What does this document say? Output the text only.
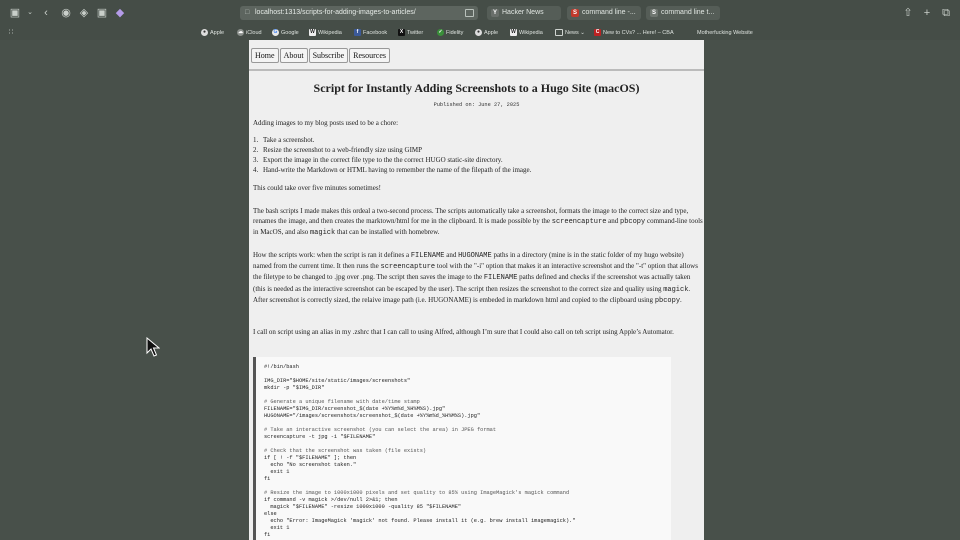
▣ ⌄ ‹ ◉ ◈ ▣ ◆	□ localhost:1313/scripts-for-adding-images-to-articles/	Y Hacker News	S command line -...	S command line t...	⇧ + ⧉
∷	● Apple	☁ iCloud	G Google W Wikipedia	f Facebook	X Twitter	✓ Fidelity	● Apple	W Wikipedia	News ⌄	C New to CVs? ... Here! – CBA	Motherfucking Website
Home About Subscribe Resources
Script for Instantly Adding Screenshots to a Hugo Site (macOS)
Published on: June 27, 2025
Adding images to my blog posts used to be a chore:
1. Take a screenshot.
2. Resize the screenshot to a web-friendly size using GIMP
3. Export the image in the correct file type to the the correct HUGO static-site directory.
4. Hand-write the Markdown or HTML having to remember the name of the filepath of the image.
This could take over five minutes sometimes!
The bash scripts I made makes this ordeal a two-second process. The scripts automatically take a screenshot, formats the image to the correct size and type, renames the image, and then creates the marktown/html for me in the clipboard. It is made possible by the screencapture and pbcopy command-line tools in MacOS, and also magick that can be installed with homebrew.
How the scripts work: when the script is ran it defines a FILENAME and HUGONAME paths in a directory (mine is in the static folder of my hugo website) named from the current time. It then runs the screencapture tool with the "-i" option that makes it an interactive screenshot and the "-t" option that allows the filetype to be changed to .jpg over .png. The script then saves the image to the FILENAME paths defined and checks if the screenshot was actually taken (this is needed as the interactive screenshot can be escaped by the user). The script then resizes the screenshot to the correct size and quality using magick. After screenshot is correctly sized, the relaive image path (i.e. HUGONAME) is embeded in markdown html and copied to the clipboard using pbcopy.
I call on script using an alias in my .zshrc that I can call to using Alfred, although I’m sure that I could also call on teh script using Apple’s Automator.
#!/bin/bash

IMG_DIR="$HOME/site/static/images/screenshots"
mkdir -p "$IMG_DIR"

# Generate a unique filename with date/time stamp
FILENAME="$IMG_DIR/screenshot_$(date +%Y%m%d_%H%M%S).jpg"
HUGONAME="/images/screenshots/screenshot_$(date +%Y%m%d_%H%M%S).jpg"

# Take an interactive screenshot (you can select the area) in JPEG format
screencapture -t jpg -i "$FILENAME"

# Check that the screenshot was taken (file exists)
if [ ! -f "$FILENAME" ]; then
echo "No screenshot taken."
exit 1
fi

# Resize the image to 1000x1000 pixels and set quality to 85% using ImageMagick's magick command
if command -v magick >/dev/null 2>&1; then
magick "$FILENAME" -resize 1000x1000 -quality 85 "$FILENAME"
else
echo "Error: ImageMagick 'magick' not found. Please install it (e.g. brew install imagemagick)."
exit 1
fi
